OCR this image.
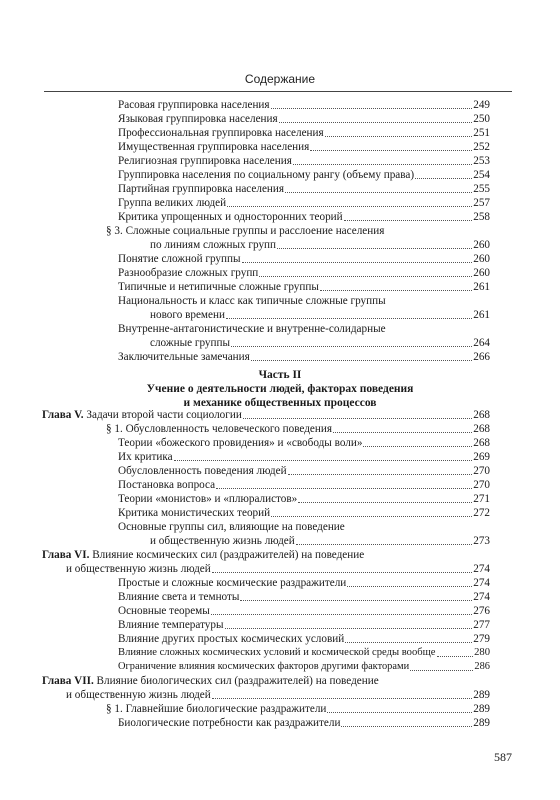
Содержание
Расовая группировка населения	249
Языковая группировка населения	250
Профессиональная группировка населения	251
Имущественная группировка населения	252
Религиозная группировка населения	253
Группировка населения по социальному рангу (объему права)	254
Партийная группировка населения	255
Группа великих людей	257
Критика упрощенных и односторонних теорий	258
§ 3. Сложные социальные группы и расслоение населения
по линиям сложных групп	260
Понятие сложной группы	260
Разнообразие сложных групп	260
Типичные и нетипичные сложные группы	261
Национальность и класс как типичные сложные группы
нового времени	261
Внутренне-антагонистические и внутренне-солидарные
сложные группы	264
Заключительные замечания	266
Часть II
Учение о деятельности людей, факторах поведения
и механике общественных процессов
Глава V. Задачи второй части социологии	268
§ 1. Обусловленность человеческого поведения	268
Теории «божеского провидения» и «свободы воли»	268
Их критика	269
Обусловленность поведения людей	270
Постановка вопроса	270
Теории «монистов» и «плюралистов»	271
Критика монистических теорий	272
Основные группы сил, влияющие на поведение
и общественную жизнь людей	273
Глава VI. Влияние космических сил (раздражителей) на поведение
и общественную жизнь людей	274
Простые и сложные космические раздражители	274
Влияние света и темноты	274
Основные теоремы	276
Влияние температуры	277
Влияние других простых космических условий	279
Влияние сложных космических условий и космической среды вообще	280
Ограничение влияния космических факторов другими факторами	286
Глава VII. Влияние биологических сил (раздражителей) на поведение
и общественную жизнь людей	289
§ 1. Главнейшие биологические раздражители	289
Биологические потребности как раздражители	289
587
